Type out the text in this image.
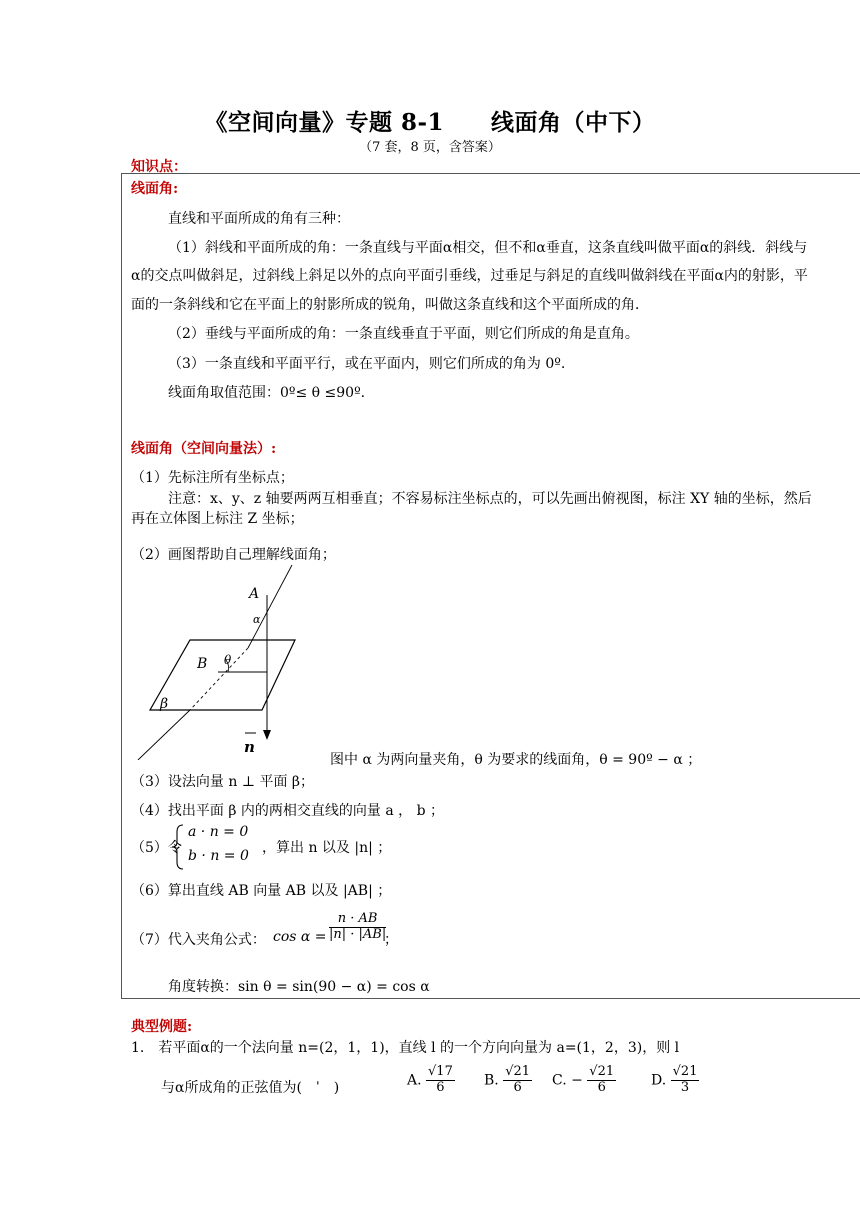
《空间向量》专题 8-1　　线面角（中下）
（7 套，8 页，含答案）
知识点：
线面角:
直线和平面所成的角有三种：
（1）斜线和平面所成的角：一条直线与平面α相交，但不和α垂直，这条直线叫做平面α的斜线．斜线与
α的交点叫做斜足，过斜线上斜足以外的点向平面引垂线，过垂足与斜足的直线叫做斜线在平面α内的射影，平
面的一条斜线和它在平面上的射影所成的锐角，叫做这条直线和这个平面所成的角．
（2）垂线与平面所成的角：一条直线垂直于平面，则它们所成的角是直角。
（3）一条直线和平面平行，或在平面内，则它们所成的角为 0º.
线面角取值范围：0º≤ θ ≤90º.
线面角（空间向量法）:
（1）先标注所有坐标点；
注意：x、y、z 轴要两两互相垂直；不容易标注坐标点的，可以先画出俯视图，标注 XY 轴的坐标，然后
再在立体图上标注 Z 坐标；
（2）画图帮助自己理解线面角；
A
α
B θ
β
n
图中 α 为两向量夹角，θ 为要求的线面角，θ = 90º − α ；
（3）设法向量 n ⊥ 平面 β；
（4）找出平面 β 内的两相交直线的向量 a ， b ；
（5）令
a · n = 0
b · n = 0 ，算出 n 以及 |n| ；
（6）算出直线 AB 向量 AB 以及 |AB| ；
（7）代入夹角公式： $\cos \alpha = \frac{n \cdot AB}{|n| \cdot |AB|}$
；
角度转换：sin θ = sin(90 − α) = cos α
典型例题:
1.　若平面α的一个法向量 n=(2，1，1)，直线 l 的一个方向向量为 a=(1，2，3)，则 l
与α所成角的正弦值为(　ˈ　)	A. $\frac{√17}{6} B$. $\frac{√21}{6} C$. − $\frac{√21}{6} D$. $\frac{√21}{3}$
